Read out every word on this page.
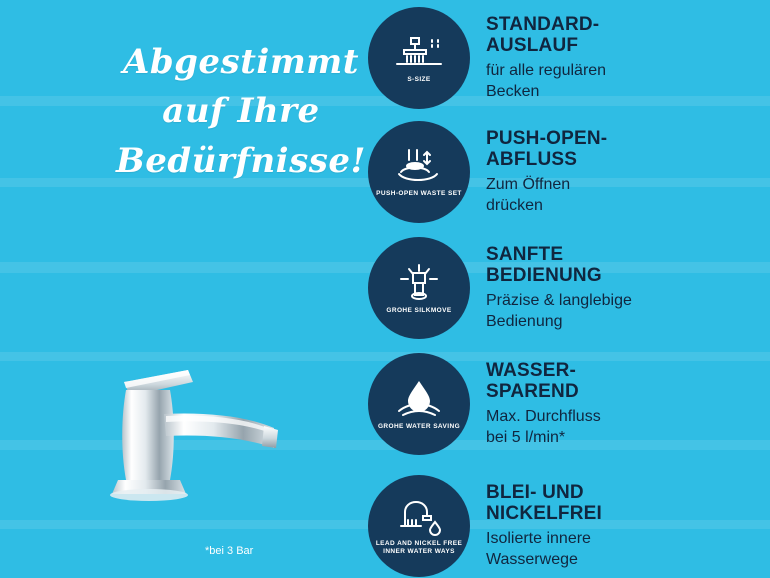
Abgestimmt
auf Ihre
Bedürfnisse!
*bei 3 Bar
S-SIZE
STANDARD-
AUSLAUF
für alle regulären
Becken
PUSH-OPEN WASTE SET
PUSH-OPEN-
ABFLUSS
Zum Öffnen
drücken
GROHE SILKMOVE
SANFTE
BEDIENUNG
Präzise & langlebige
Bedienung
GROHE WATER SAVING
WASSER-
SPAREND
Max. Durchfluss
bei 5 l/min*
LEAD AND NICKEL FREE INNER WATER WAYS
BLEI- UND
NICKELFREI
Isolierte innere
Wasserwege
